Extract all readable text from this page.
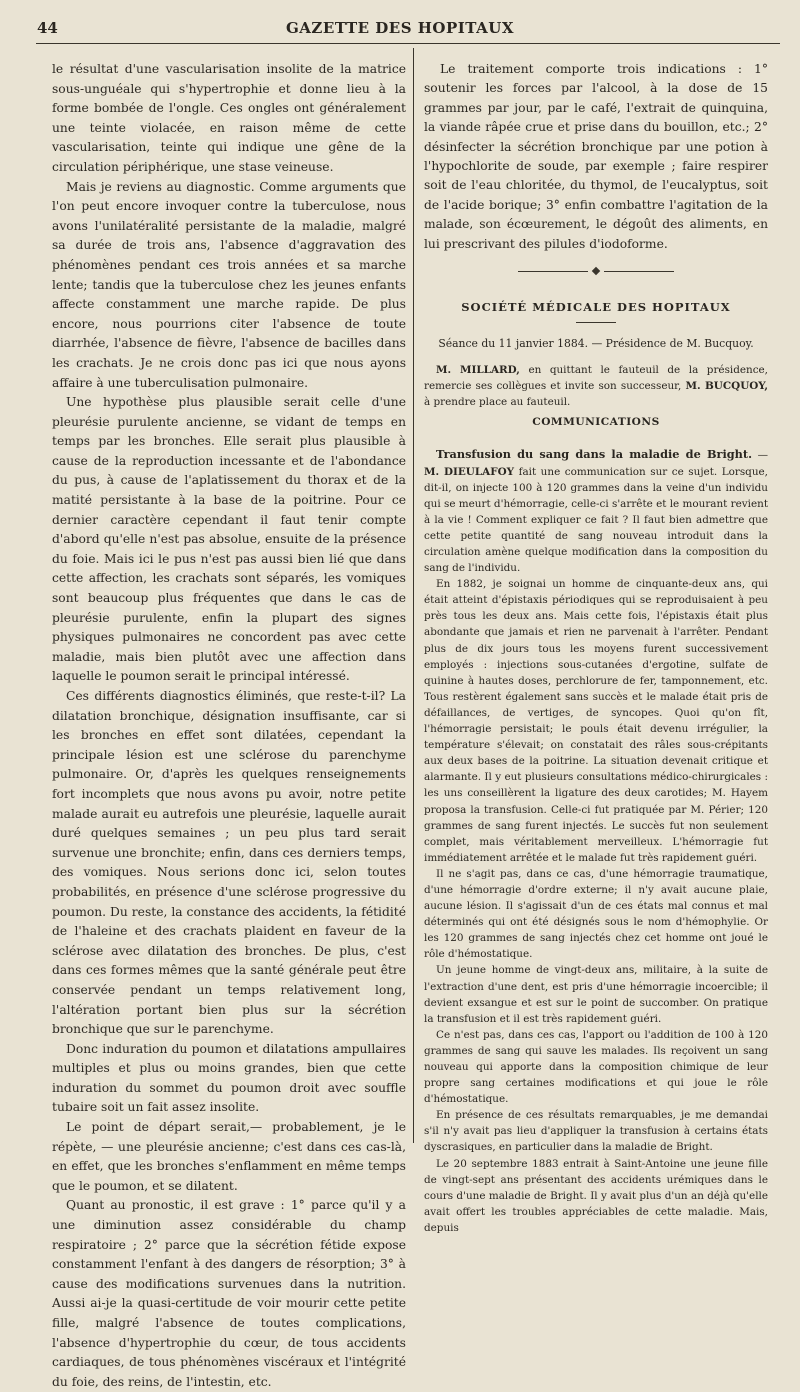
44	GAZETTE DES HOPITAUX

le résultat d'une vascularisation insolite de la matrice sous-unguéale qui s'hypertrophie et donne lieu à la forme bombée de l'ongle. Ces ongles ont généralement une teinte violacée, en raison même de cette vascularisation, teinte qui indique une gêne de la circulation périphérique, une stase veineuse.

Mais je reviens au diagnostic. Comme arguments que l'on peut encore invoquer contre la tuberculose, nous avons l'unilatéralité persistante de la maladie, malgré sa durée de trois ans, l'absence d'aggravation des phénomènes pendant ces trois années et sa marche lente; tandis que la tuberculose chez les jeunes enfants affecte constamment une marche rapide. De plus encore, nous pourrions citer l'absence de toute diarrhée, l'absence de fièvre, l'absence de bacilles dans les crachats. Je ne crois donc pas ici que nous ayons affaire à une tuberculisation pulmonaire.

Une hypothèse plus plausible serait celle d'une pleurésie purulente ancienne, se vidant de temps en temps par les bronches. Elle serait plus plausible à cause de la reproduction incessante et de l'abondance du pus, à cause de l'aplatissement du thorax et de la matité persistante à la base de la poitrine. Pour ce dernier caractère cependant il faut tenir compte d'abord qu'elle n'est pas absolue, ensuite de la présence du foie. Mais ici le pus n'est pas aussi bien lié que dans cette affection, les crachats sont séparés, les vomiques sont beaucoup plus fréquentes que dans le cas de pleurésie purulente, enfin la plupart des signes physiques pulmonaires ne concordent pas avec cette maladie, mais bien plutôt avec une affection dans laquelle le poumon serait le principal intéressé.

Ces différents diagnostics éliminés, que reste-t-il? La dilatation bronchique, désignation insuffisante, car si les bronches en effet sont dilatées, cependant la principale lésion est une sclérose du parenchyme pulmonaire. Or, d'après les quelques renseignements fort incomplets que nous avons pu avoir, notre petite malade aurait eu autrefois une pleurésie, laquelle aurait duré quelques semaines ; un peu plus tard serait survenue une bronchite; enfin, dans ces derniers temps, des vomiques. Nous serions donc ici, selon toutes probabilités, en présence d'une sclérose progressive du poumon. Du reste, la constance des accidents, la fétidité de l'haleine et des crachats plaident en faveur de la sclérose avec dilatation des bronches. De plus, c'est dans ces formes mêmes que la santé générale peut être conservée pendant un temps relativement long, l'altération portant bien plus sur la sécrétion bronchique que sur le parenchyme.

Donc induration du poumon et dilatations ampullaires multiples et plus ou moins grandes, bien que cette induration du sommet du poumon droit avec souffle tubaire soit un fait assez insolite.

Le point de départ serait,— probablement, je le répète, — une pleurésie ancienne; c'est dans ces cas-là, en effet, que les bronches s'enflamment en même temps que le poumon, et se dilatent.

Quant au pronostic, il est grave : 1° parce qu'il y a une diminution assez considérable du champ respiratoire ; 2° parce que la sécrétion fétide expose constamment l'enfant à des dangers de résorption; 3° à cause des modifications survenues dans la nutrition. Aussi ai-je la quasi-certitude de voir mourir cette petite fille, malgré l'absence de toutes complications, l'absence d'hypertrophie du cœur, de tous accidents cardiaques, de tous phénomènes viscéraux et l'intégrité du foie, des reins, de l'intestin, etc.

Le traitement comporte trois indications : 1° soutenir les forces par l'alcool, à la dose de 15 grammes par jour, par le café, l'extrait de quinquina, la viande râpée crue et prise dans du bouillon, etc.; 2° désinfecter la sécrétion bronchique par une potion à l'hypochlorite de soude, par exemple ; faire respirer soit de l'eau chloritée, du thymol, de l'eucalyptus, soit de l'acide borique; 3° enfin combattre l'agitation de la malade, son écœurement, le dégoût des aliments, en lui prescrivant des pilules d'iodoforme.

SOCIÉTÉ MÉDICALE DES HOPITAUX
Séance du 11 janvier 1884. — Présidence de M. Bucquoy.

M. MILLARD, en quittant le fauteuil de la présidence, remercie ses collègues et invite son successeur, M. BUCQUOY, à prendre place au fauteuil.

COMMUNICATIONS

Transfusion du sang dans la maladie de Bright. — M. DIEULAFOY fait une communication sur ce sujet. Lorsque, dit-il, on injecte 100 à 120 grammes dans la veine d'un individu qui se meurt d'hémorragie, celle-ci s'arrête et le mourant revient à la vie ! Comment expliquer ce fait ? Il faut bien admettre que cette petite quantité de sang nouveau introduit dans la circulation amène quelque modification dans la composition du sang de l'individu.

En 1882, je soignai un homme de cinquante-deux ans, qui était atteint d'épistaxis périodiques qui se reproduisaient à peu près tous les deux ans. Mais cette fois, l'épistaxis était plus abondante que jamais et rien ne parvenait à l'arrêter. Pendant plus de dix jours tous les moyens furent successivement employés : injections sous-cutanées d'ergotine, sulfate de quinine à hautes doses, perchlorure de fer, tamponnement, etc. Tous restèrent également sans succès et le malade était pris de défaillances, de vertiges, de syncopes. Quoi qu'on fît, l'hémorragie persistait; le pouls était devenu irrégulier, la température s'élevait; on constatait des râles sous-crépitants aux deux bases de la poitrine. La situation devenait critique et alarmante. Il y eut plusieurs consultations médico-chirurgicales : les uns conseillèrent la ligature des deux carotides; M. Hayem proposa la transfusion. Celle-ci fut pratiquée par M. Périer; 120 grammes de sang furent injectés. Le succès fut non seulement complet, mais véritablement merveilleux. L'hémorragie fut immédiatement arrêtée et le malade fut très rapidement guéri.

Il ne s'agit pas, dans ce cas, d'une hémorragie traumatique, d'une hémorragie d'ordre externe; il n'y avait aucune plaie, aucune lésion. Il s'agissait d'un de ces états mal connus et mal déterminés qui ont été désignés sous le nom d'hémophylie. Or les 120 grammes de sang injectés chez cet homme ont joué le rôle d'hémostatique.

Un jeune homme de vingt-deux ans, militaire, à la suite de l'extraction d'une dent, est pris d'une hémorragie incoercible; il devient exsangue et est sur le point de succomber. On pratique la transfusion et il est très rapidement guéri.

Ce n'est pas, dans ces cas, l'apport ou l'addition de 100 à 120 grammes de sang qui sauve les malades. Ils reçoivent un sang nouveau qui apporte dans la composition chimique de leur propre sang certaines modifications et qui joue le rôle d'hémostatique.

En présence de ces résultats remarquables, je me demandai s'il n'y avait pas lieu d'appliquer la transfusion à certains états dyscrasiques, en particulier dans la maladie de Bright.

Le 20 septembre 1883 entrait à Saint-Antoine une jeune fille de vingt-sept ans présentant des accidents urémiques dans le cours d'une maladie de Bright. Il y avait plus d'un an déjà qu'elle avait offert les troubles appréciables de cette maladie. Mais, depuis
